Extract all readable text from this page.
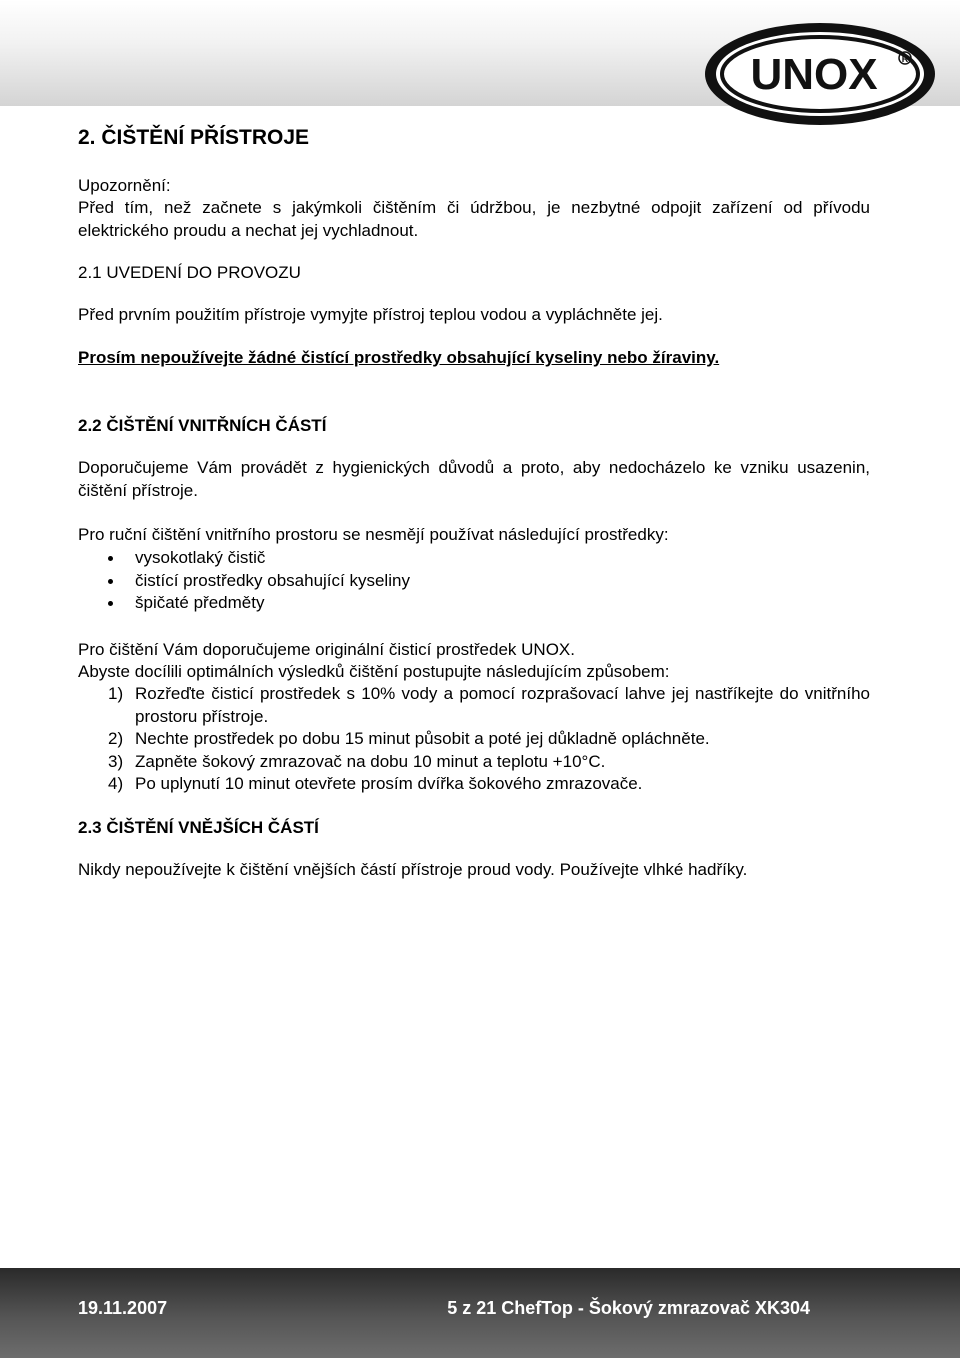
UNOX	R
2. ČIŠTĚNÍ PŘÍSTROJE
Upozornění:
Před tím, než začnete s jakýmkoli čištěním či údržbou, je nezbytné odpojit zařízení od přívodu elektrického proudu a nechat jej vychladnout.
2.1 UVEDENÍ DO PROVOZU
Před prvním použitím přístroje vymyjte přístroj teplou vodou a vypláchněte jej.
Prosím nepoužívejte žádné čistící prostředky obsahující kyseliny nebo žíraviny.
2.2 ČIŠTĚNÍ VNITŘNÍCH ČÁSTÍ
Doporučujeme Vám provádět z hygienických důvodů a proto, aby nedocházelo ke vzniku usazenin, čištění přístroje.
Pro ruční čištění vnitřního prostoru se nesmějí používat následující prostředky:
vysokotlaký čistič
čistící prostředky obsahující kyseliny
špičaté předměty
Pro čištění Vám doporučujeme originální čisticí prostředek UNOX.
Abyste docílili optimálních výsledků čištění postupujte následujícím způsobem:
1) Rozřeďte čisticí prostředek s 10% vody a pomocí rozprašovací lahve jej nastříkejte do vnitřního prostoru přístroje.
2) Nechte prostředek po dobu 15 minut působit a poté jej důkladně opláchněte.
3) Zapněte šokový zmrazovač na dobu 10 minut a teplotu +10°C.
4) Po uplynutí 10 minut otevřete prosím dvířka šokového zmrazovače.
2.3 ČIŠTĚNÍ VNĚJŠÍCH ČÁSTÍ
Nikdy nepoužívejte k čištění vnějších částí přístroje proud vody. Používejte vlhké hadříky.
19.11.2007	5 z 21 ChefTop - Šokový zmrazovač XK304
